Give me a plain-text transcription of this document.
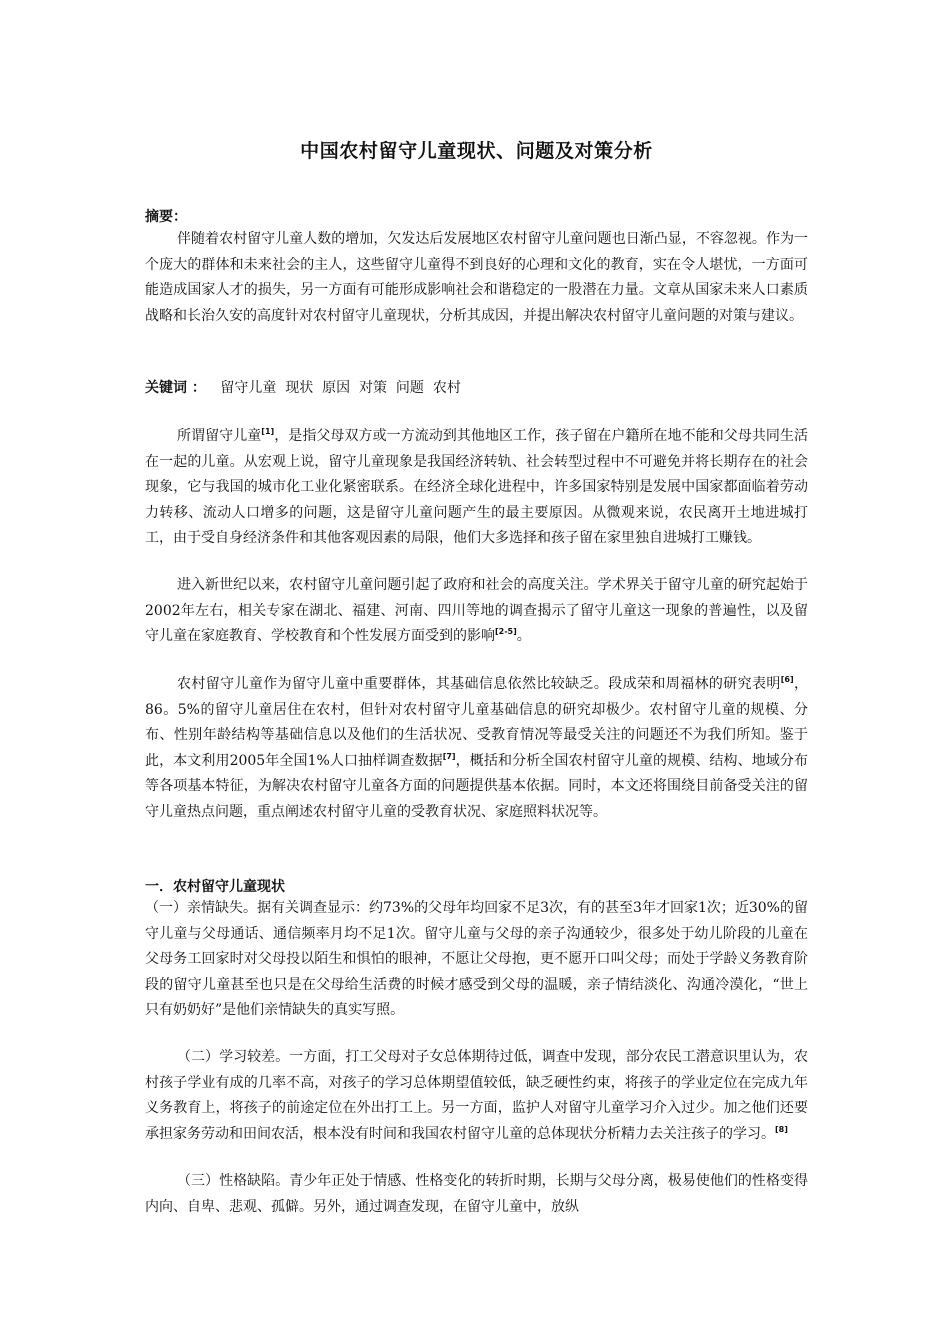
中国农村留守儿童现状、问题及对策分析
摘要：
伴随着农村留守儿童人数的增加，欠发达后发展地区农村留守儿童问题也日渐凸显，不容忽视。作为一个庞大的群体和未来社会的主人，这些留守儿童得不到良好的心理和文化的教育，实在令人堪忧，一方面可能造成国家人才的损失，另一方面有可能形成影响社会和谐稳定的一股潜在力量。文章从国家未来人口素质战略和长治久安的高度针对农村留守儿童现状，分析其成因，并提出解决农村留守儿童问题的对策与建议。
关键词 ： 留守儿童  现状  原因  对策  问题  农村
所谓留守儿童[1]，是指父母双方或一方流动到其他地区工作，孩子留在户籍所在地不能和父母共同生活在一起的儿童。从宏观上说，留守儿童现象是我国经济转轨、社会转型过程中不可避免并将长期存在的社会现象，它与我国的城市化工业化紧密联系。在经济全球化进程中，许多国家特别是发展中国家都面临着劳动力转移、流动人口增多的问题，这是留守儿童问题产生的最主要原因。从微观来说，农民离开土地进城打工，由于受自身经济条件和其他客观因素的局限，他们大多选择和孩子留在家里独自进城打工赚钱。
进入新世纪以来，农村留守儿童问题引起了政府和社会的高度关注。学术界关于留守儿童的研究起始于2002年左右，相关专家在湖北、福建、河南、四川等地的调查揭示了留守儿童这一现象的普遍性，以及留守儿童在家庭教育、学校教育和个性发展方面受到的影响[2-5]。
农村留守儿童作为留守儿童中重要群体，其基础信息依然比较缺乏。段成荣和周福林的研究表明[6]，86。5%的留守儿童居住在农村，但针对农村留守儿童基础信息的研究却极少。农村留守儿童的规模、分布、性别年龄结构等基础信息以及他们的生活状况、受教育情况等最受关注的问题还不为我们所知。鉴于此，本文利用2005年全国1%人口抽样调查数据[7]，概括和分析全国农村留守儿童的规模、结构、地域分布等各项基本特征，为解决农村留守儿童各方面的问题提供基本依据。同时，本文还将围绕目前备受关注的留守儿童热点问题，重点阐述农村留守儿童的受教育状况、家庭照料状况等。
一．农村留守儿童现状
（一）亲情缺失。据有关调查显示：约73%的父母年均回家不足3次，有的甚至3年才回家1次；近30%的留守儿童与父母通话、通信频率月均不足1次。留守儿童与父母的亲子沟通较少，很多处于幼儿阶段的儿童在父母务工回家时对父母投以陌生和惧怕的眼神，不愿让父母抱，更不愿开口叫父母；而处于学龄义务教育阶段的留守儿童甚至也只是在父母给生活费的时候才感受到父母的温暖，亲子情结淡化、沟通冷漠化，“世上只有奶奶好”是他们亲情缺失的真实写照。
（二）学习较差。一方面，打工父母对子女总体期待过低，调查中发现，部分农民工潜意识里认为，农村孩子学业有成的几率不高，对孩子的学习总体期望值较低，缺乏硬性约束，将孩子的学业定位在完成九年义务教育上，将孩子的前途定位在外出打工上。另一方面，监护人对留守儿童学习介入过少。加之他们还要承担家务劳动和田间农活，根本没有时间和我国农村留守儿童的总体现状分析精力去关注孩子的学习。[8]
（三）性格缺陷。青少年正处于情感、性格变化的转折时期，长期与父母分离，极易使他们的性格变得内向、自卑、悲观、孤僻。另外，通过调查发现，在留守儿童中，放纵
